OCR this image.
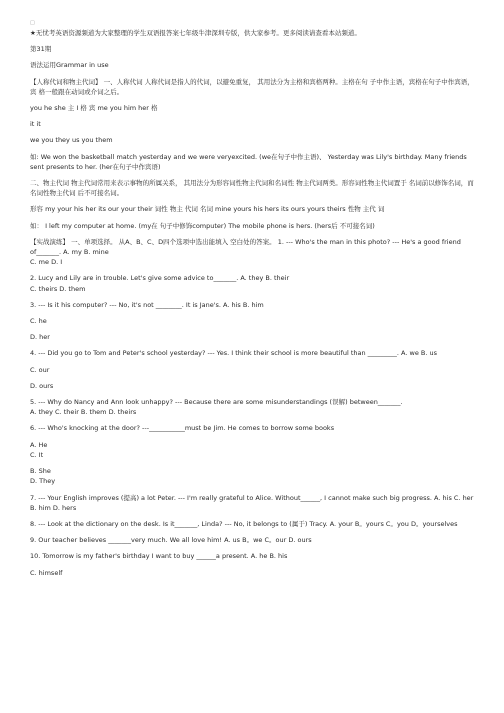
□

★无忧考英语资源频道为大家整理的学生双语报答案七年级牛津深圳专版，供大家参考。更多阅读请查看本站频道。

第31期

语法运用Grammar in use

【人称代词和物主代词】 一、人称代词 人称代词是指人的代词，以避免重复， 其用法分为主格和宾格两种。主格在句 子中作主语，宾格在句子中作宾语，宾 格一般跟在动词或介词之后。

you he she 主 I 格 宾 me you him her 格

it it

we you they us you them

如: We won the basketball match yesterday and we were veryexcited. (we在句子中作主语)、 Yesterday was Lily's birthday. Many friends sent presents to her. (her在句子中作宾语)

二、物主代词 物主代词常用来表示事物的所属关系， 其用法分为形容词性物主代词和名词性 物主代词两类。形容词性物主代词置于 名词前以修饰名词，而名词性物主代词 后不可接名词。

形容 my your his her its our your their 词性 物主 代词 名词 mine yours his hers its ours yours theirs 性物 主代 词

如： I left my computer at home. (my在 句子中修饰computer) The mobile phone is hers. (hers后 不可接名词)

【实战演练】 一、单项选择。 从A、B、C、D四个选项中选出能填入 空白处的答案。 1. --- Who's the man in this photo? --- He's a good friend of_______. A. my B. mine
C. me D. I

2. Lucy and Lily are in trouble. Let's give some advice to_______. A. they B. their
C. theirs D. them

3. --- Is it his computer? --- No, it's not ________. It is Jane's. A. his B. him

C. he

D. her

4. --- Did you go to Tom and Peter's school yesterday? --- Yes. I think their school is more beautiful than _________. A. we B. us

C. our

D. ours

5. --- Why do Nancy and Ann look unhappy? --- Because there are some misunderstandings (误解) between_______.
A. they C. their B. them D. theirs

6. --- Who's knocking at the door? ---___________must be Jim. He comes to borrow some books

A. He
C. It

B. She
D. They

7. --- Your English improves (提高) a lot Peter. --- I'm really grateful to Alice. Without______, I cannot make such big progress. A. his C. her B. him D. hers

8. --- Look at the dictionary on the desk. Is it_______, Linda? --- No, it belongs to (属于) Tracy. A. your B。yours C。you D。yourselves

9. Our teacher believes _______very much. We all love him! A. us B。we C。our D. ours

10. Tomorrow is my father's birthday I want to buy ______a present. A. he B. his

C. himself
